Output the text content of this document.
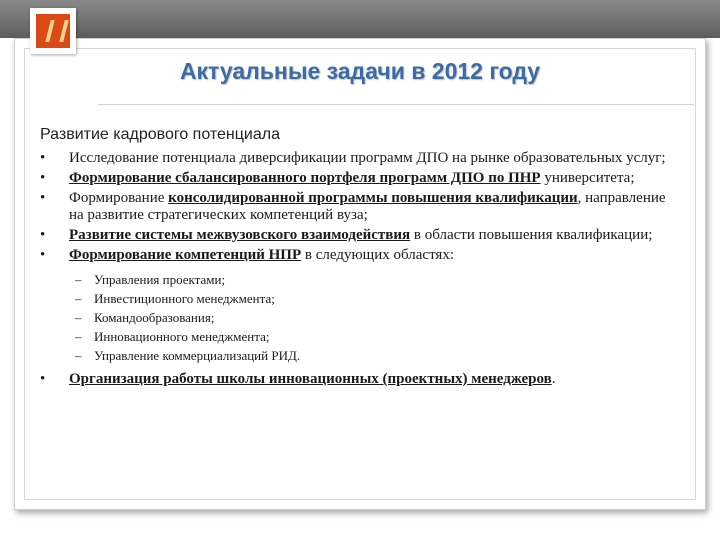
Актуальные задачи в 2012 году
Развитие кадрового потенциала
• Исследование потенциала диверсификации программ ДПО на рынке образовательных услуг;
• Формирование сбалансированного портфеля программ ДПО по ПНР университета;
• Формирование консолидированной программы повышения квалификации, направление на развитие стратегических компетенций вуза;
• Развитие системы межвузовского взаимодействия в области повышения квалификации;
• Формирование компетенций НПР в следующих областях:
– Управления проектами;
– Инвестиционного менеджмента;
– Командообразования;
– Инновационного менеджмента;
– Управление коммерциализаций РИД.
• Организация работы школы инновационных (проектных) менеджеров.
